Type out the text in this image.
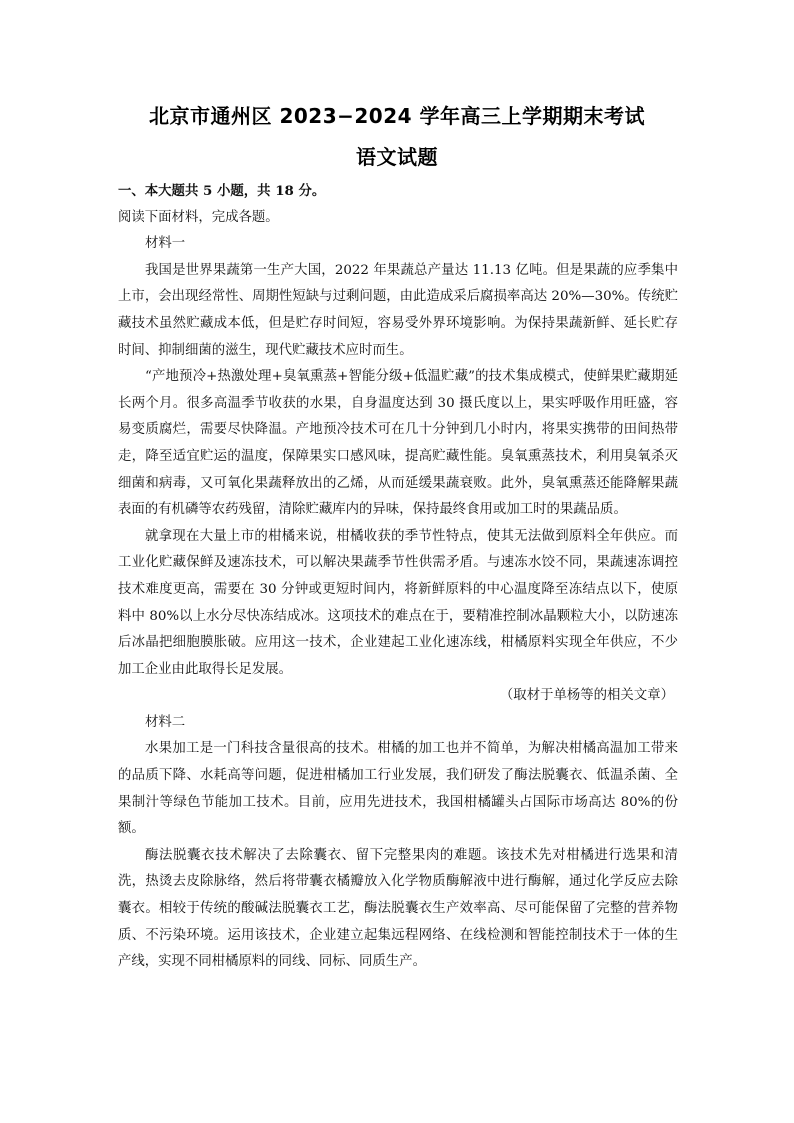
北京市通州区 2023−2024 学年高三上学期期末考试
语文试题

一、本大题共 5 小题，共 18 分。

阅读下面材料，完成各题。

材料一

我国是世界果蔬第一生产大国，2022 年果蔬总产量达 11.13 亿吨。但是果蔬的应季集中上市，会出现经常性、周期性短缺与过剩问题，由此造成采后腐损率高达 20%—30%。传统贮藏技术虽然贮藏成本低，但是贮存时间短，容易受外界环境影响。为保持果蔬新鲜、延长贮存时间、抑制细菌的滋生，现代贮藏技术应时而生。

“产地预冷+热激处理+臭氧熏蒸+智能分级+低温贮藏”的技术集成模式，使鲜果贮藏期延长两个月。很多高温季节收获的水果，自身温度达到 30 摄氏度以上，果实呼吸作用旺盛，容易变质腐烂，需要尽快降温。产地预冷技术可在几十分钟到几小时内，将果实携带的田间热带走，降至适宜贮运的温度，保障果实口感风味，提高贮藏性能。臭氧熏蒸技术，利用臭氧杀灭细菌和病毒，又可氧化果蔬释放出的乙烯，从而延缓果蔬衰败。此外，臭氧熏蒸还能降解果蔬表面的有机磷等农药残留，清除贮藏库内的异味，保持最终食用或加工时的果蔬品质。

就拿现在大量上市的柑橘来说，柑橘收获的季节性特点，使其无法做到原料全年供应。而工业化贮藏保鲜及速冻技术，可以解决果蔬季节性供需矛盾。与速冻水饺不同，果蔬速冻调控技术难度更高，需要在 30 分钟或更短时间内，将新鲜原料的中心温度降至冻结点以下，使原料中 80%以上水分尽快冻结成冰。这项技术的难点在于，要精准控制冰晶颗粒大小，以防速冻后冰晶把细胞膜胀破。应用这一技术，企业建起工业化速冻线，柑橘原料实现全年供应，不少加工企业由此取得长足发展。

（取材于单杨等的相关文章）

材料二

水果加工是一门科技含量很高的技术。柑橘的加工也并不简单，为解决柑橘高温加工带来的品质下降、水耗高等问题，促进柑橘加工行业发展，我们研发了酶法脱囊衣、低温杀菌、全果制汁等绿色节能加工技术。目前，应用先进技术，我国柑橘罐头占国际市场高达 80%的份额。

酶法脱囊衣技术解决了去除囊衣、留下完整果肉的难题。该技术先对柑橘进行选果和清洗，热烫去皮除脉络，然后将带囊衣橘瓣放入化学物质酶解液中进行酶解，通过化学反应去除囊衣。相较于传统的酸碱法脱囊衣工艺，酶法脱囊衣生产效率高、尽可能保留了完整的营养物质、不污染环境。运用该技术，企业建立起集远程网络、在线检测和智能控制技术于一体的生产线，实现不同柑橘原料的同线、同标、同质生产。
